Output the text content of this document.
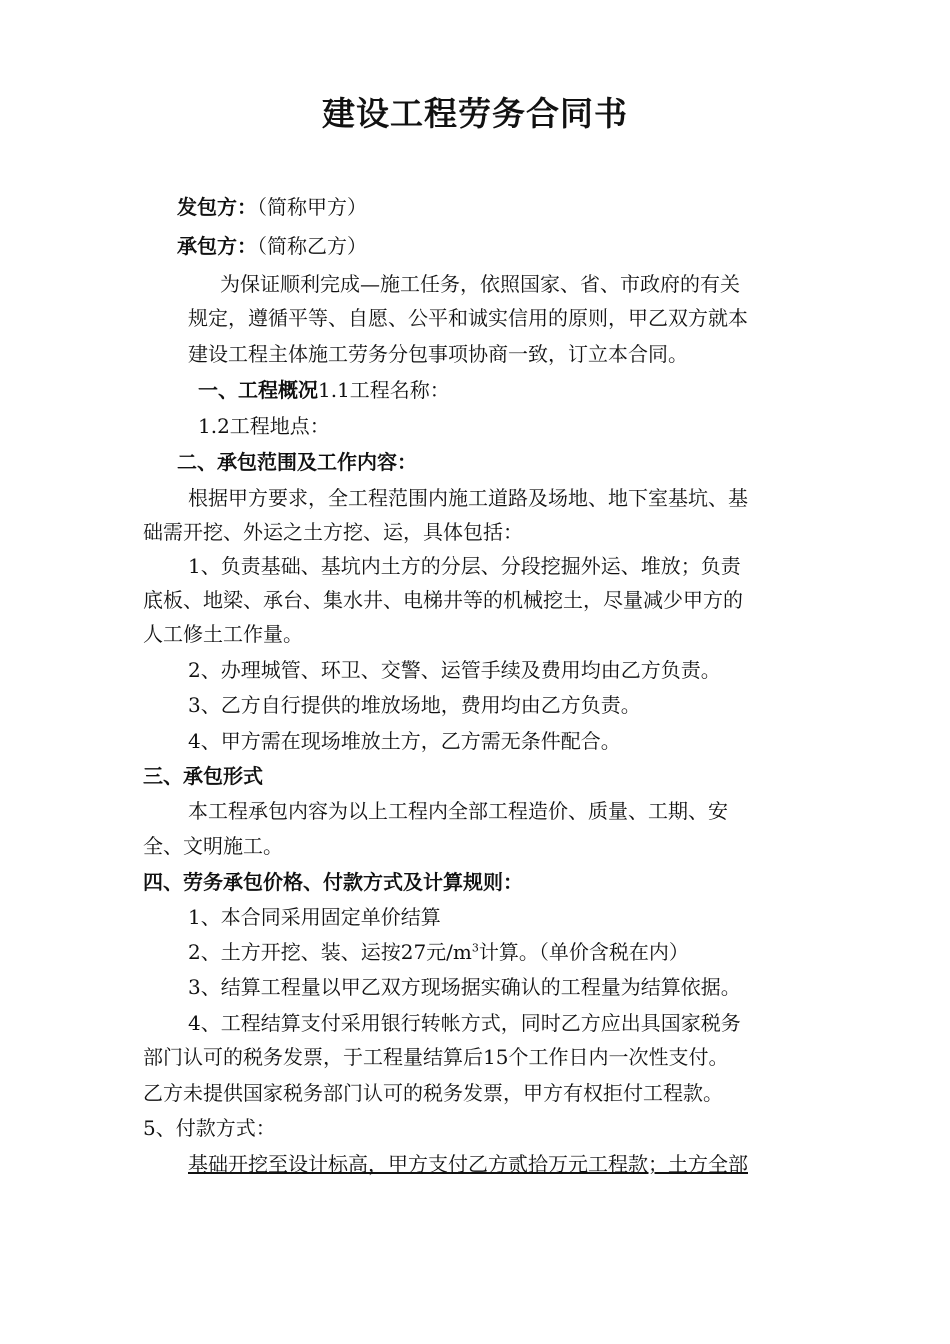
建设工程劳务合同书
发包方：（简称甲方）
承包方：（简称乙方）
为保证顺利完成—施工任务，依照国家、省、市政府的有关
规定，遵循平等、自愿、公平和诚实信用的原则，甲乙双方就本
建设工程主体施工劳务分包事项协商一致，订立本合同。
一、工程概况1.1工程名称：
1.2工程地点：
二、承包范围及工作内容：
根据甲方要求，全工程范围内施工道路及场地、地下室基坑、基
础需开挖、外运之土方挖、运，具体包括：
1、负责基础、基坑内土方的分层、分段挖掘外运、堆放；负责
底板、地梁、承台、集水井、电梯井等的机械挖土，尽量减少甲方的
人工修土工作量。
2、办理城管、环卫、交警、运管手续及费用均由乙方负责。
3、乙方自行提供的堆放场地，费用均由乙方负责。
4、甲方需在现场堆放土方，乙方需无条件配合。
三、承包形式
本工程承包内容为以上工程内全部工程造价、质量、工期、安
全、文明施工。
四、劳务承包价格、付款方式及计算规则：
1、本合同采用固定单价结算
2、土方开挖、装、运按27元$/m^3$计算。（单价含税在内）
3、结算工程量以甲乙双方现场据实确认的工程量为结算依据。
4、工程结算支付采用银行转帐方式，同时乙方应出具国家税务
部门认可的税务发票，于工程量结算后15个工作日内一次性支付。
乙方未提供国家税务部门认可的税务发票，甲方有权拒付工程款。
5、付款方式：
基础开挖至设计标高，甲方支付乙方贰拾万元工程款；土方全部
